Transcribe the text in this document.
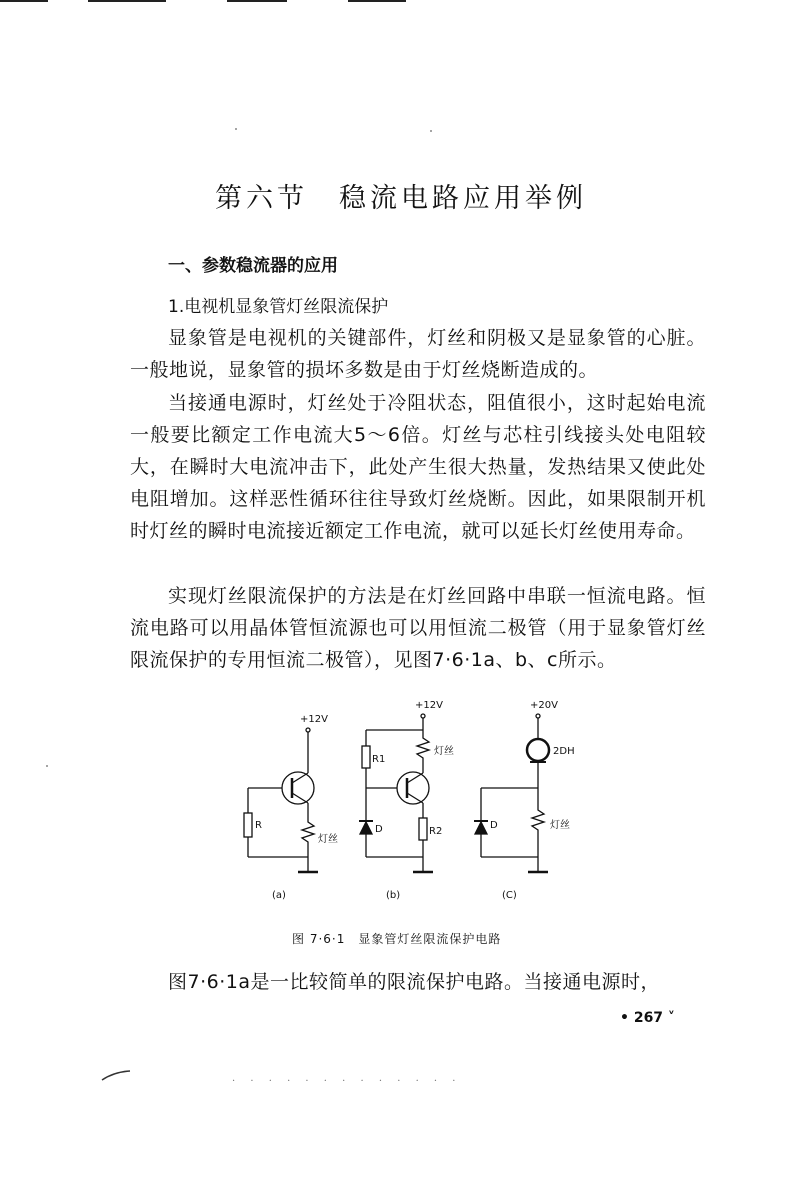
第六节　稳流电路应用举例
一、参数稳流器的应用
1.电视机显象管灯丝限流保护

显象管是电视机的关键部件，灯丝和阴极又是显象管的心脏。一般地说，显象管的损坏多数是由于灯丝烧断造成的。

当接通电源时，灯丝处于冷阻状态，阻值很小，这时起始电流一般要比额定工作电流大5～6倍。灯丝与芯柱引线接头处电阻较大，在瞬时大电流冲击下，此处产生很大热量，发热结果又使此处电阻增加。这样恶性循环往往导致灯丝烧断。因此，如果限制开机时灯丝的瞬时电流接近额定工作电流，就可以延长灯丝使用寿命。

实现灯丝限流保护的方法是在灯丝回路中串联一恒流电路。恒流电路可以用晶体管恒流源也可以用恒流二极管（用于显象管灯丝限流保护的专用恒流二极管），见图7·6·1a、b、c所示。

+12V
R
灯丝
(a)
+12V
R1
灯丝
R2
D
(b)
+20V
2DH
D	灯丝
(C)
图 7·6·1　显象管灯丝限流保护电路

图7·6·1a是一比较简单的限流保护电路。当接通电源时，

• 267 ˅
· · · · · · · · · · · · ·
